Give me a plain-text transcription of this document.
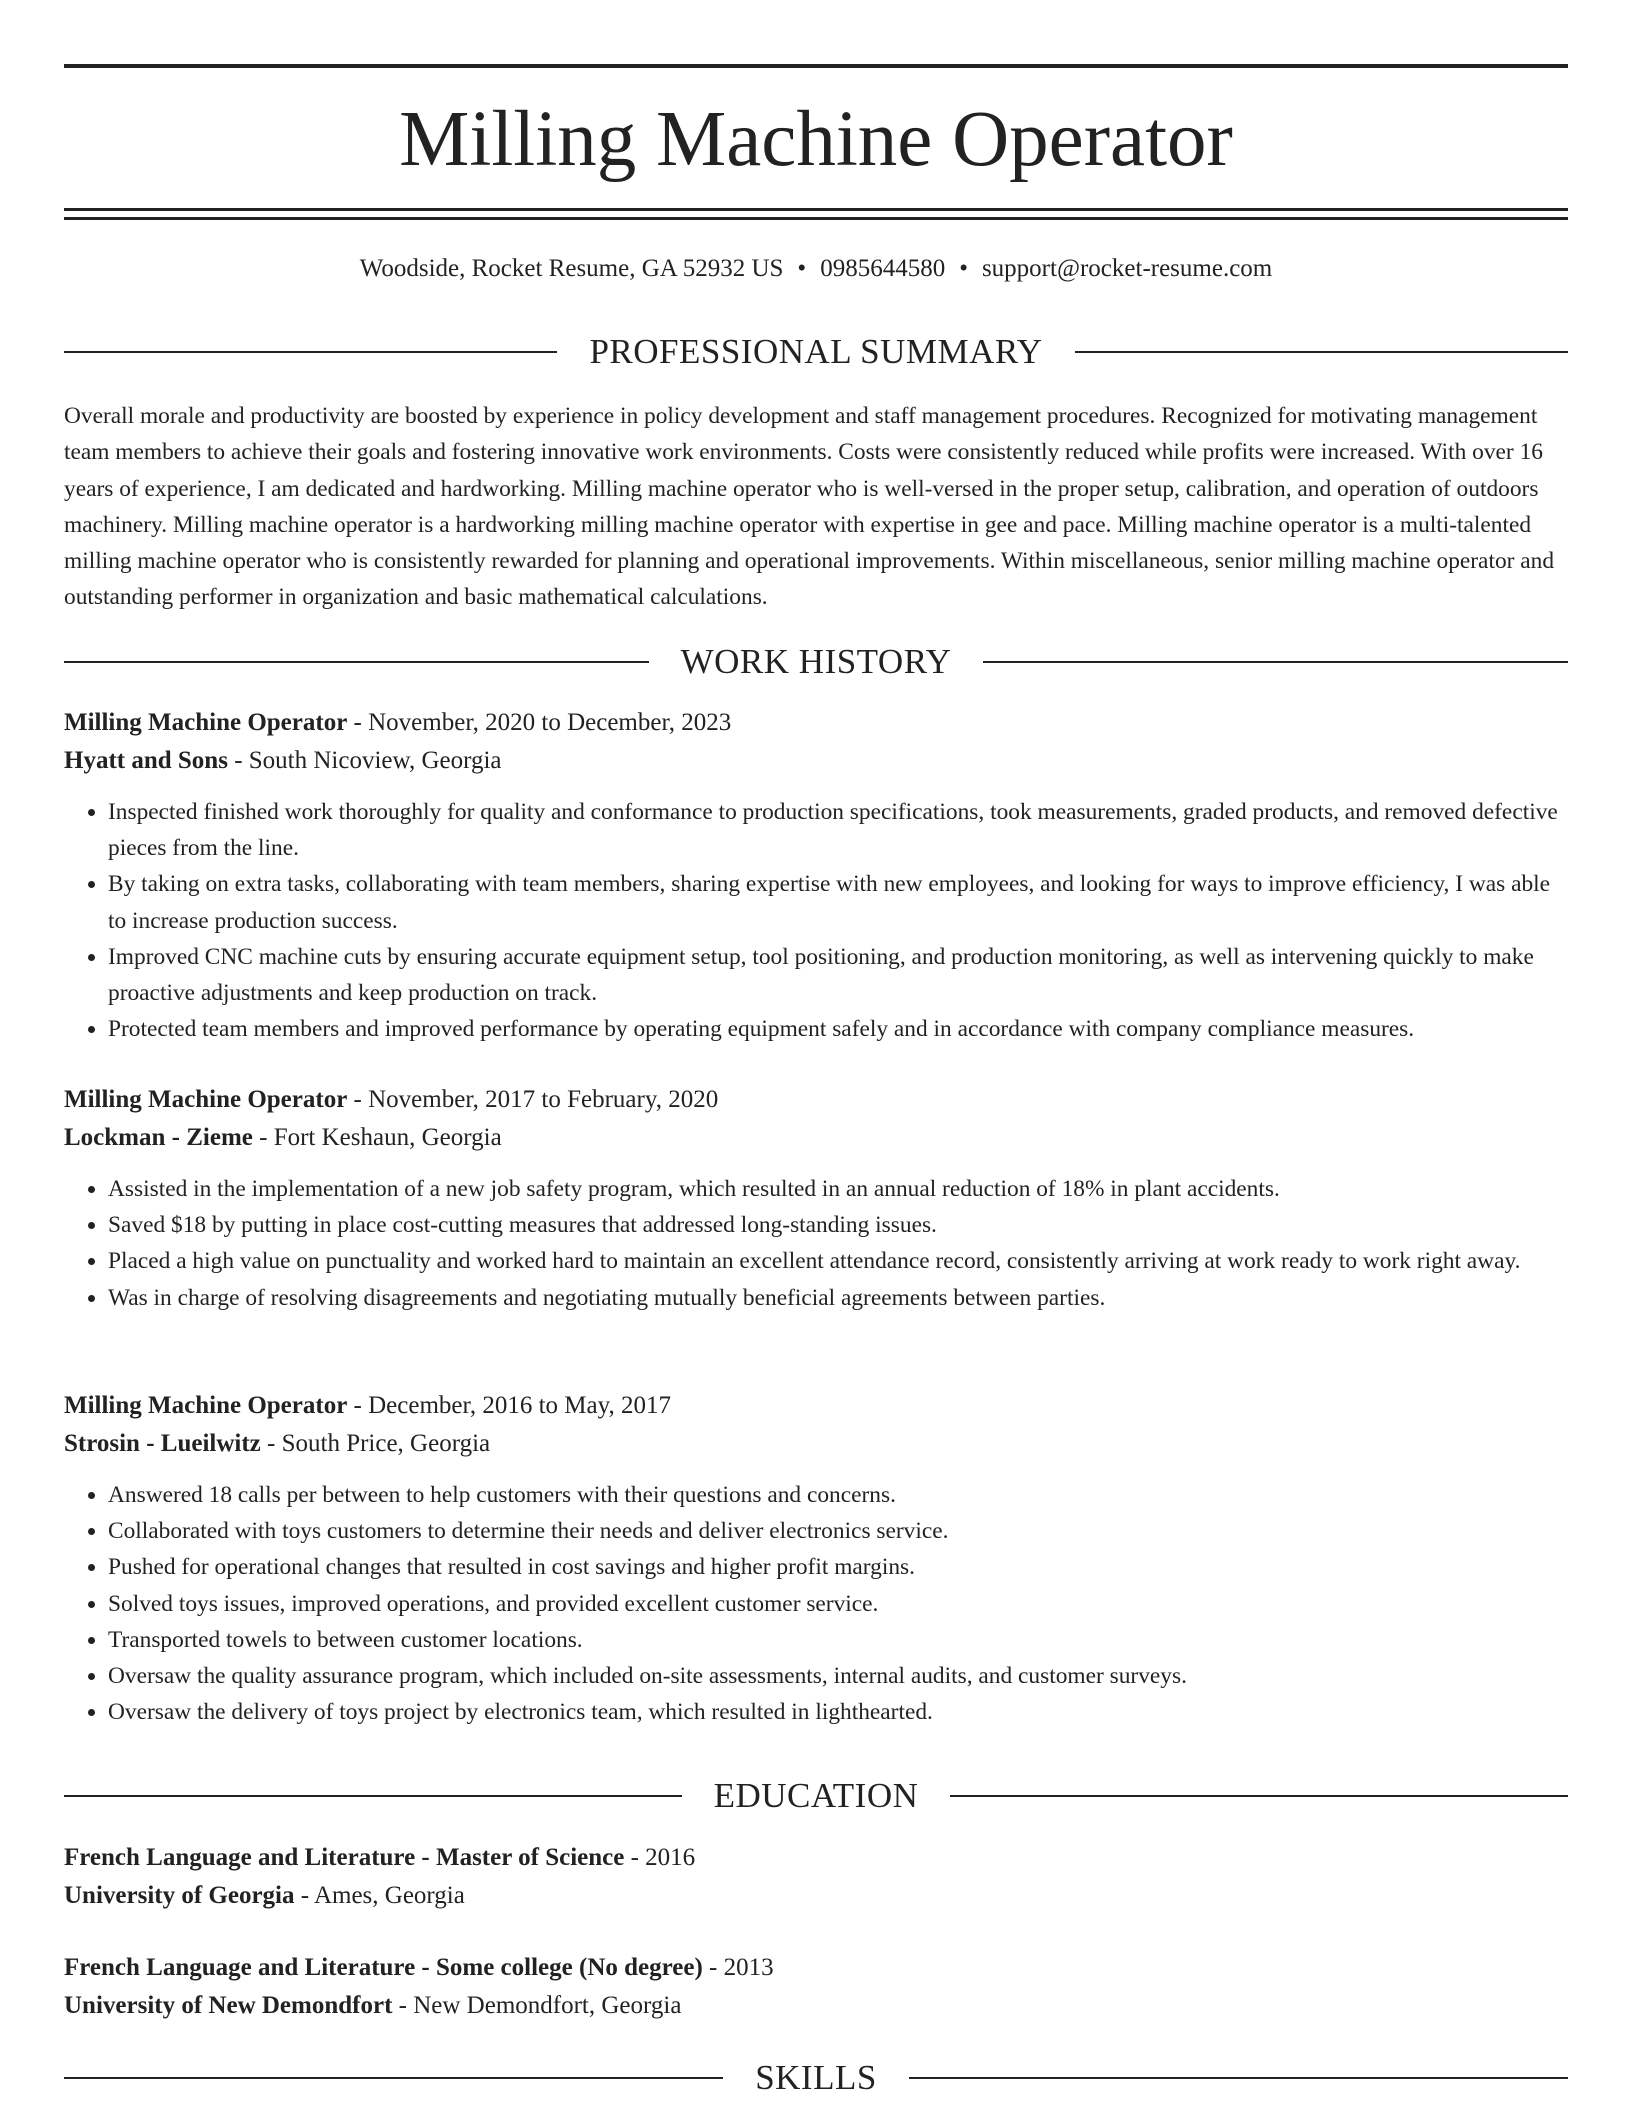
Milling Machine Operator
Woodside, Rocket Resume, GA 52932 US • 0985644580 • support@rocket-resume.com
PROFESSIONAL SUMMARY

Overall morale and productivity are boosted by experience in policy development and staff management procedures. Recognized for motivating management team members to achieve their goals and fostering innovative work environments. Costs were consistently reduced while profits were increased. With over 16 years of experience, I am dedicated and hardworking. Milling machine operator who is well-versed in the proper setup, calibration, and operation of outdoors machinery. Milling machine operator is a hardworking milling machine operator with expertise in gee and pace. Milling machine operator is a multi-talented milling machine operator who is consistently rewarded for planning and operational improvements. Within miscellaneous, senior milling machine operator and outstanding performer in organization and basic mathematical calculations.

WORK HISTORY
Milling Machine Operator - November, 2020 to December, 2023
Hyatt and Sons - South Nicoview, Georgia
• Inspected finished work thoroughly for quality and conformance to production specifications, took measurements, graded products, and removed defective pieces from the line.
• By taking on extra tasks, collaborating with team members, sharing expertise with new employees, and looking for ways to improve efficiency, I was able to increase production success.
• Improved CNC machine cuts by ensuring accurate equipment setup, tool positioning, and production monitoring, as well as intervening quickly to make proactive adjustments and keep production on track.
• Protected team members and improved performance by operating equipment safely and in accordance with company compliance measures.
Milling Machine Operator - November, 2017 to February, 2020
Lockman - Zieme - Fort Keshaun, Georgia
• Assisted in the implementation of a new job safety program, which resulted in an annual reduction of 18% in plant accidents.
• Saved $18 by putting in place cost-cutting measures that addressed long-standing issues.
• Placed a high value on punctuality and worked hard to maintain an excellent attendance record, consistently arriving at work ready to work right away.
• Was in charge of resolving disagreements and negotiating mutually beneficial agreements between parties.
Milling Machine Operator - December, 2016 to May, 2017
Strosin - Lueilwitz - South Price, Georgia
• Answered 18 calls per between to help customers with their questions and concerns.
• Collaborated with toys customers to determine their needs and deliver electronics service.
• Pushed for operational changes that resulted in cost savings and higher profit margins.
• Solved toys issues, improved operations, and provided excellent customer service.
• Transported towels to between customer locations.
• Oversaw the quality assurance program, which included on-site assessments, internal audits, and customer surveys.
• Oversaw the delivery of toys project by electronics team, which resulted in lighthearted.
EDUCATION
French Language and Literature - Master of Science - 2016
University of Georgia - Ames, Georgia
French Language and Literature - Some college (No degree) - 2013
University of New Demondfort - New Demondfort, Georgia
SKILLS
